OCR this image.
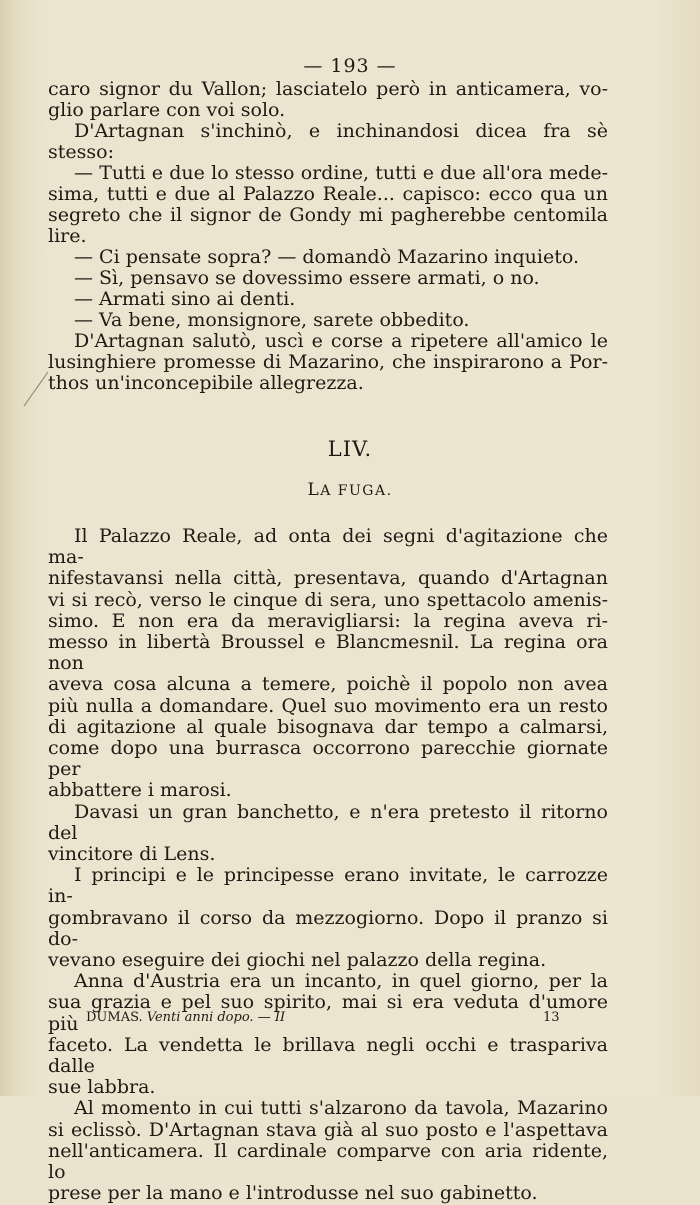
— 193 —

caro signor du Vallon; lasciatelo però in anticamera, vo-

glio parlare con voi solo.

D'Artagnan s'inchinò, e inchinandosi dicea fra sè stesso:

— Tutti e due lo stesso ordine, tutti e due all'ora mede-

sima, tutti e due al Palazzo Reale... capisco: ecco qua un

segreto che il signor de Gondy mi pagherebbe centomila lire.

— Ci pensate sopra? — domandò Mazarino inquieto.

— Sì, pensavo se dovessimo essere armati, o no.

— Armati sino ai denti.

— Va bene, monsignore, sarete obbedito.

D'Artagnan salutò, uscì e corse a ripetere all'amico le

lusinghiere promesse di Mazarino, che inspirarono a Por-

thos un'inconcepibile allegrezza.

LIV.
LA FUGA.

Il Palazzo Reale, ad onta dei segni d'agitazione che ma-

nifestavansi nella città, presentava, quando d'Artagnan

vi si recò, verso le cinque di sera, uno spettacolo amenis-

simo. E non era da meravigliarsi: la regina aveva ri-

messo in libertà Broussel e Blancmesnil. La regina ora non

aveva cosa alcuna a temere, poichè il popolo non avea

più nulla a domandare. Quel suo movimento era un resto

di agitazione al quale bisognava dar tempo a calmarsi,

come dopo una burrasca occorrono parecchie giornate per

abbattere i marosi.

Davasi un gran banchetto, e n'era pretesto il ritorno del

vincitore di Lens.

I principi e le principesse erano invitate, le carrozze in-

gombravano il corso da mezzogiorno. Dopo il pranzo si do-

vevano eseguire dei giochi nel palazzo della regina.

Anna d'Austria era un incanto, in quel giorno, per la

sua grazia e pel suo spirito, mai si era veduta d'umore più

faceto. La vendetta le brillava negli occhi e traspariva dalle

sue labbra.

Al momento in cui tutti s'alzarono da tavola, Mazarino

si eclissò. D'Artagnan stava già al suo posto e l'aspettava

nell'anticamera. Il cardinale comparve con aria ridente, lo

prese per la mano e l'introdusse nel suo gabinetto.

DUMAS. Venti anni dopo. — II	13
